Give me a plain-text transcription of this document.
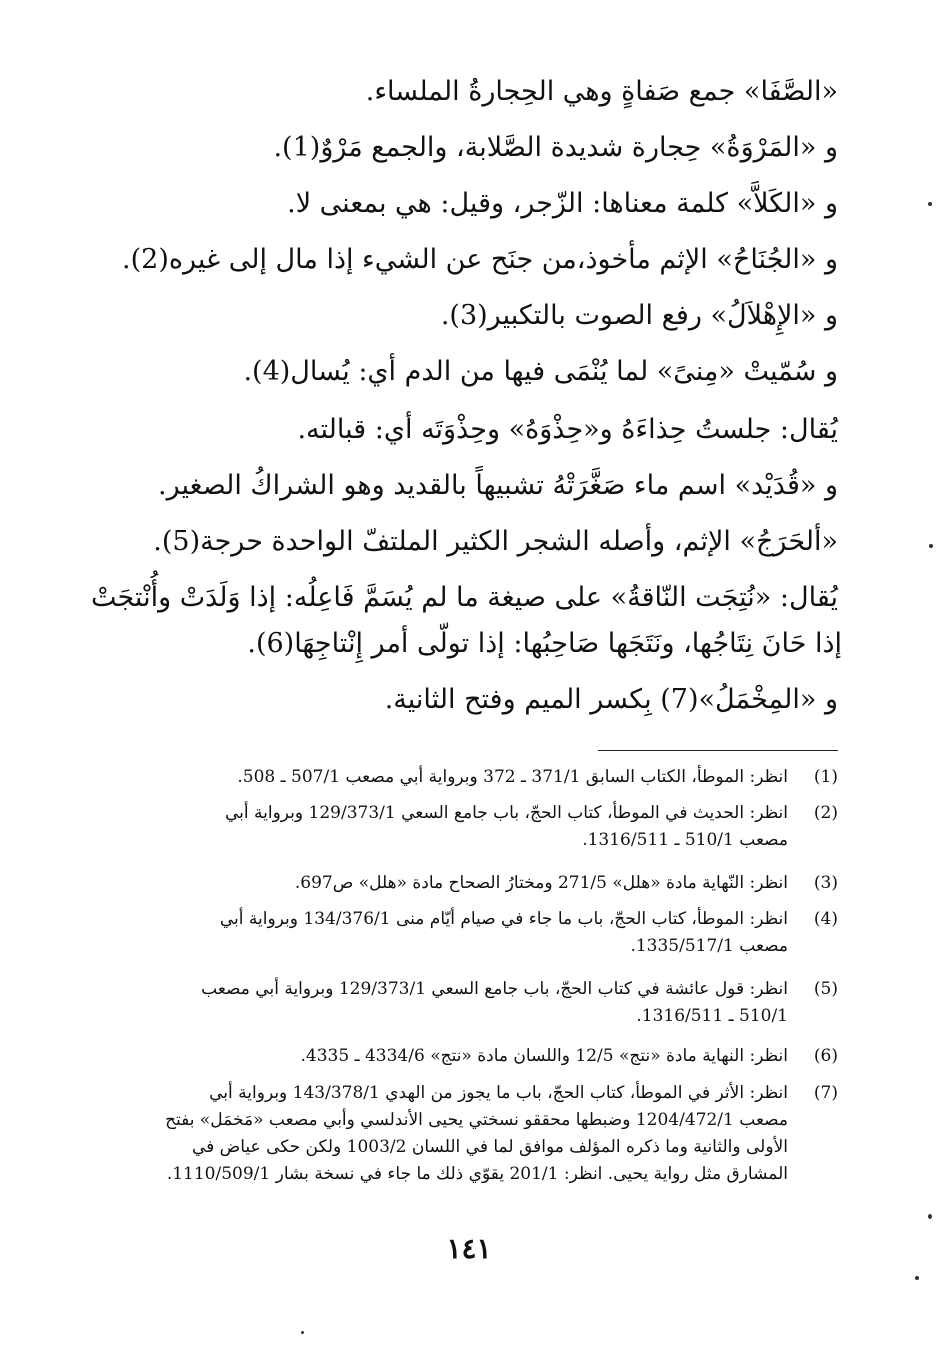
«الصَّفَا» جمع صَفاةٍ وهي الحِجارةُ الملساء.
و «المَرْوَةُ» حِجارة شديدة الصَّلابة، والجمع مَرْوٌ(1).
و «الكَلاَّ» كلمة معناها: الزّجر، وقيل: هي بمعنى لا.
و «الجُنَاحُ» الإثم مأخوذ،من جنَح عن الشيء إذا مال إلى غيره(2).
و «الإِهْلاَلُ» رفع الصوت بالتكبير(3).
و سُمّيتْ «مِنىً» لما يُنْمَى فيها من الدم أي: يُسال(4).
يُقال: جلستُ حِذاءَهُ و«حِذْوَهُ» وحِذْوَتَه أي: قبالته.
و «قُدَيْد» اسم ماء صَغَّرَتْهُ تشبيهاً بالقديد وهو الشراكُ الصغير.
«ألحَرَجُ» الإثم، وأصله الشجر الكثير الملتفّ الواحدة حرجة(5).
يُقال: «نُتِجَت النّاقةُ» على صيغة ما لم يُسَمَّ فَاعِلُه: إذا وَلَدَتْ وأُنْتجَتْ
إذا حَانَ نِتَاجُها، ونَتَجَها صَاحِبُها: إذا تولّى أمر إِنْتاجِهَا(6).
و «المِخْمَلُ»(7) بِكسر الميم وفتح الثانية.
(1)
انظر: الموطأ، الكتاب السابق 371/1 ـ 372 وبرواية أبي مصعب 507/1 ـ 508.
(2)
انظر: الحديث في الموطأ، كتاب الحجّ، باب جامع السعي 129/373/1 وبرواية أبي
مصعب 510/1 ـ 1316/511.
(3)
انظر: النّهاية مادة «هلل» 271/5 ومختارُ الصحاح مادة «هلل» ص697.
(4)
انظر: الموطأ، كتاب الحجّ، باب ما جاء في صيام أيّام منى 134/376/1 وبرواية أبي
مصعب 1335/517/1.
(5)
انظر: قول عائشة في كتاب الحجّ، باب جامع السعي 129/373/1 وبرواية أبي مصعب
510/1 ـ 1316/511.
(6)
انظر: النهاية مادة «نتج» 12/5 واللسان مادة «نتج» 4334/6 ـ 4335.
(7)
انظر: الأثر في الموطأ، كتاب الحجّ، باب ما يجوز من الهدي 143/378/1 وبرواية أبي
مصعب 1204/472/1 وضبطها محققو نسختي يحيى الأندلسي وأبي مصعب «مَخمَل» بفتح
الأولى والثانية وما ذكره المؤلف موافق لما في اللسان 1003/2 ولكن حكى عياض في
المشارق مثل رواية يحيى. انظر: 201/1 يقوّي ذلك ما جاء في نسخة بشار 1110/509/1.
١٤١
